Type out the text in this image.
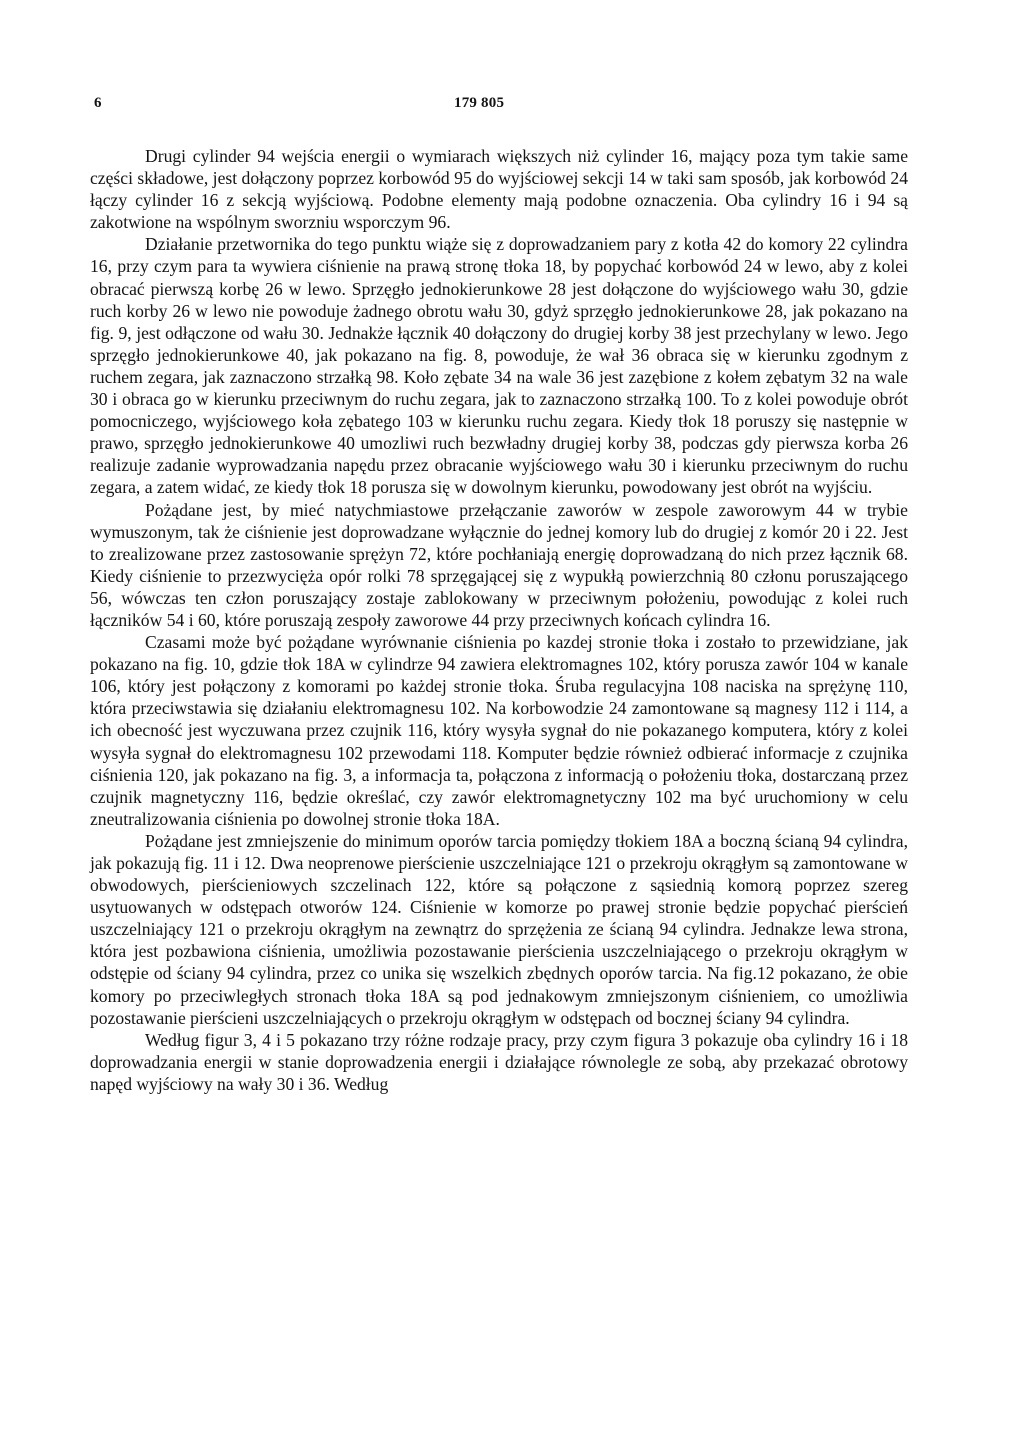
6	179 805

Drugi cylinder 94 wejścia energii o wymiarach większych niż cylinder 16, mający poza tym takie same części składowe, jest dołączony poprzez korbowód 95 do wyjściowej sekcji 14 w taki sam sposób, jak korbowód 24 łączy cylinder 16 z sekcją wyjściową. Podobne elementy mają podobne oznaczenia. Oba cylindry 16 i 94 są zakotwione na wspólnym sworzniu wsporczym 96.

Działanie przetwornika do tego punktu wiąże się z doprowadzaniem pary z kotła 42 do komory 22 cylindra 16, przy czym para ta wywiera ciśnienie na prawą stronę tłoka 18, by popychać korbowód 24 w lewo, aby z kolei obracać pierwszą korbę 26 w lewo. Sprzęgło jednokierunkowe 28 jest dołączone do wyjściowego wału 30, gdzie ruch korby 26 w lewo nie powoduje żadnego obrotu wału 30, gdyż sprzęgło jednokierunkowe 28, jak pokazano na fig. 9, jest odłączone od wału 30. Jednakże łącznik 40 dołączony do drugiej korby 38 jest przechylany w lewo. Jego sprzęgło jednokierunkowe 40, jak pokazano na fig. 8, powoduje, że wał 36 obraca się w kierunku zgodnym z ruchem zegara, jak zaznaczono strzałką 98. Koło zębate 34 na wale 36 jest zazębione z kołem zębatym 32 na wale 30 i obraca go w kierunku przeciwnym do ruchu zegara, jak to zaznaczono strzałką 100. To z kolei powoduje obrót pomocniczego, wyjściowego koła zębatego 103 w kierunku ruchu zegara. Kiedy tłok 18 poruszy się następnie w prawo, sprzęgło jednokierunkowe 40 umozliwi ruch bezwładny drugiej korby 38, podczas gdy pierwsza korba 26 realizuje zadanie wyprowadzania napędu przez obracanie wyjściowego wału 30 i kierunku przeciwnym do ruchu zegara, a zatem widać, ze kiedy tłok 18 porusza się w dowolnym kierunku, powodowany jest obrót na wyjściu.

Pożądane jest, by mieć natychmiastowe przełączanie zaworów w zespole zaworowym 44 w trybie wymuszonym, tak że ciśnienie jest doprowadzane wyłącznie do jednej komory lub do drugiej z komór 20 i 22. Jest to zrealizowane przez zastosowanie sprężyn 72, które pochłaniają energię doprowadzaną do nich przez łącznik 68. Kiedy ciśnienie to przezwycięża opór rolki 78 sprzęgającej się z wypukłą powierzchnią 80 członu poruszającego 56, wówczas ten człon poruszający zostaje zablokowany w przeciwnym położeniu, powodując z kolei ruch łączników 54 i 60, które poruszają zespoły zaworowe 44 przy przeciwnych końcach cylindra 16.

Czasami może być pożądane wyrównanie ciśnienia po kazdej stronie tłoka i zostało to przewidziane, jak pokazano na fig. 10, gdzie tłok 18A w cylindrze 94 zawiera elektromagnes 102, który porusza zawór 104 w kanale 106, który jest połączony z komorami po każdej stronie tłoka. Śruba regulacyjna 108 naciska na sprężynę 110, która przeciwstawia się działaniu elektromagnesu 102. Na korbowodzie 24 zamontowane są magnesy 112 i 114, a ich obecność jest wyczuwana przez czujnik 116, który wysyła sygnał do nie pokazanego komputera, który z kolei wysyła sygnał do elektromagnesu 102 przewodami 118. Komputer będzie również odbierać informacje z czujnika ciśnienia 120, jak pokazano na fig. 3, a informacja ta, połączona z informacją o położeniu tłoka, dostarczaną przez czujnik magnetyczny 116, będzie określać, czy zawór elektromagnetyczny 102 ma być uruchomiony w celu zneutralizowania ciśnienia po dowolnej stronie tłoka 18A.

Pożądane jest zmniejszenie do minimum oporów tarcia pomiędzy tłokiem 18A a boczną ścianą 94 cylindra, jak pokazują fig. 11 i 12. Dwa neoprenowe pierścienie uszczelniające 121 o przekroju okrągłym są zamontowane w obwodowych, pierścieniowych szczelinach 122, które są połączone z sąsiednią komorą poprzez szereg usytuowanych w odstępach otworów 124. Ciśnienie w komorze po prawej stronie będzie popychać pierścień uszczelniający 121 o przekroju okrągłym na zewnątrz do sprzężenia ze ścianą 94 cylindra. Jednakze lewa strona, która jest pozbawiona ciśnienia, umożliwia pozostawanie pierścienia uszczelniającego o przekroju okrągłym w odstępie od ściany 94 cylindra, przez co unika się wszelkich zbędnych oporów tarcia. Na fig.12 pokazano, że obie komory po przeciwległych stronach tłoka 18A są pod jednakowym zmniejszonym ciśnieniem, co umożliwia pozostawanie pierścieni uszczelniających o przekroju okrągłym w odstępach od bocznej ściany 94 cylindra.

Według figur 3, 4 i 5 pokazano trzy różne rodzaje pracy, przy czym figura 3 pokazuje oba cylindry 16 i 18 doprowadzania energii w stanie doprowadzenia energii i działające równolegle ze sobą, aby przekazać obrotowy napęd wyjściowy na wały 30 i 36. Według
